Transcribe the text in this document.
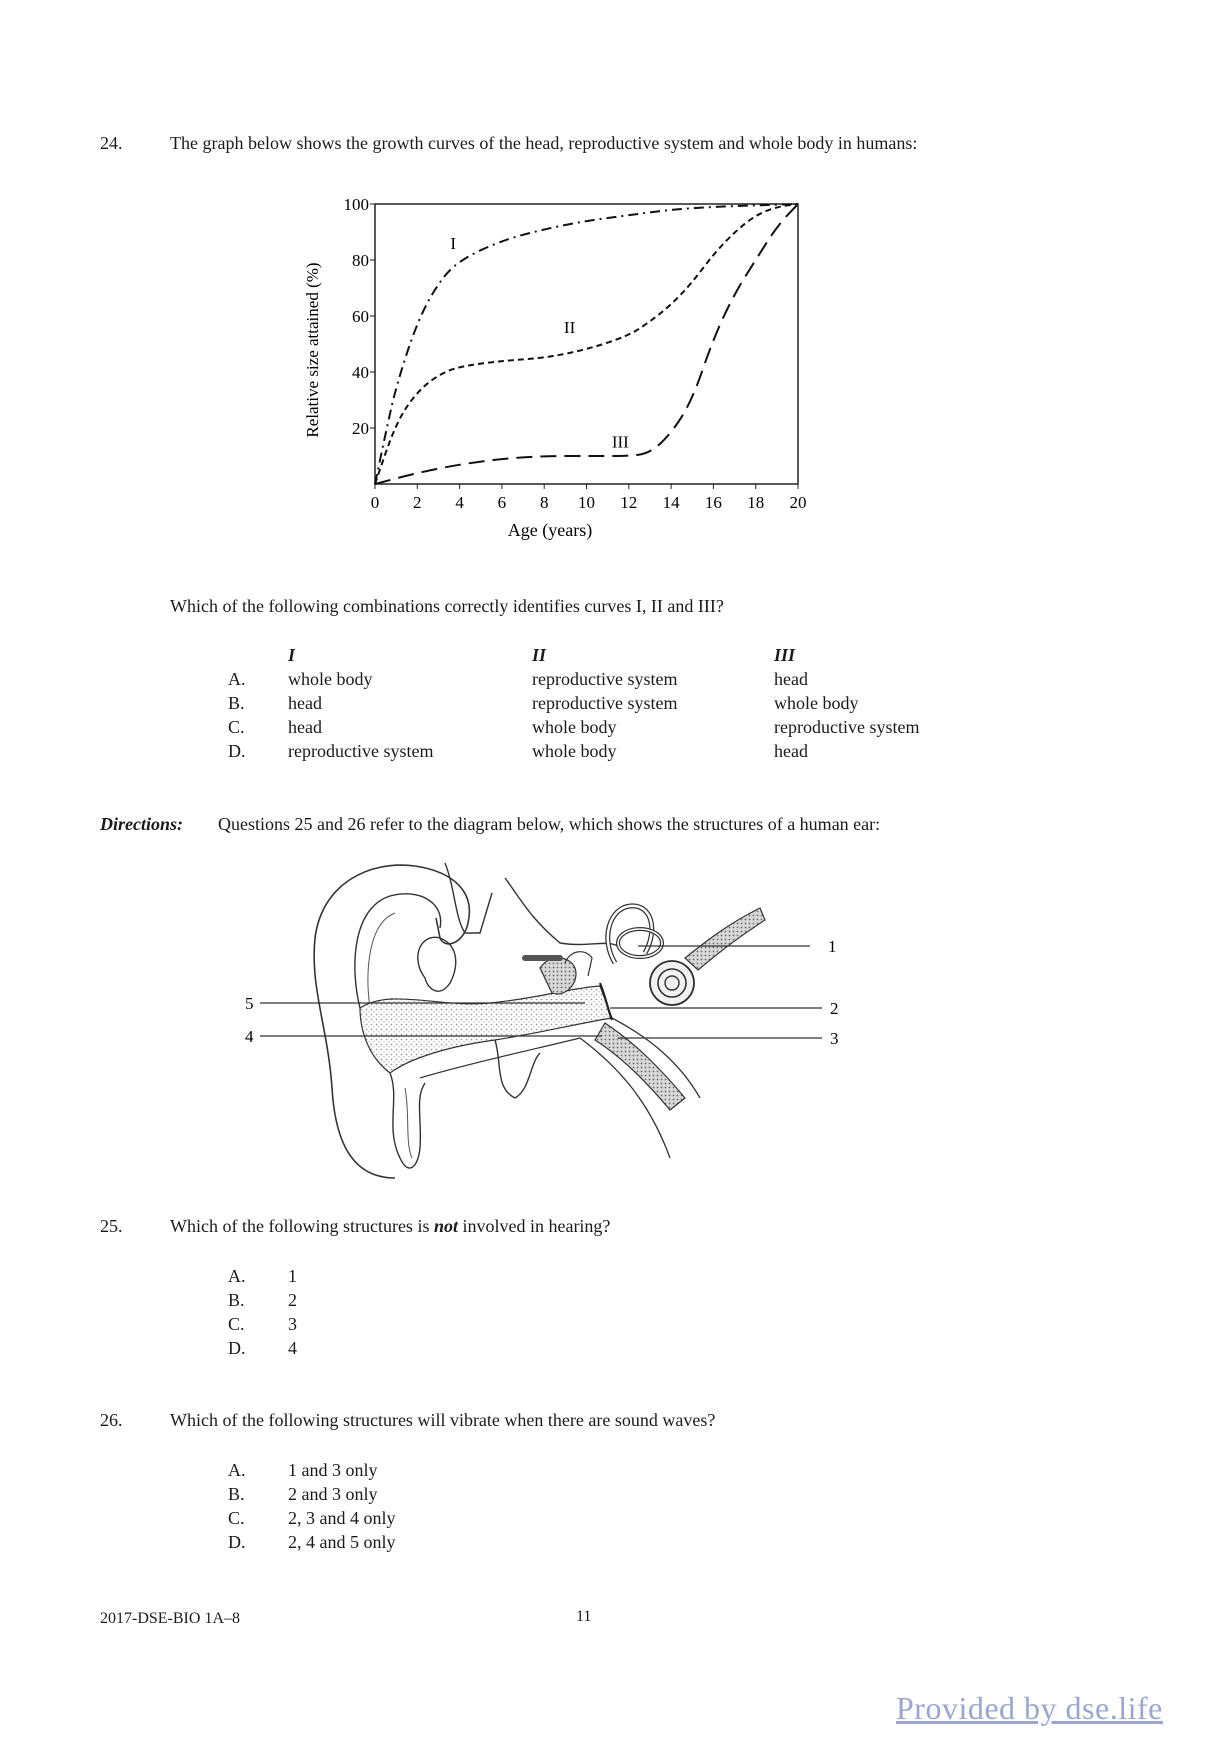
24.	The graph below shows the growth curves of the head, reproductive system and whole body in humans:
0 2 4 6 8 10 12 14 16 18 20
20
40
60
80
100
I
II
III
Relative size attained (%)
Age (years)
Which of the following combinations correctly identifies curves I, II and III?
I	II	III
A. whole body	reproductive system	head
B. head	reproductive system	whole body
C. head	whole body	reproductive system
D. reproductive system	whole body	head
Directions: Questions 25 and 26 refer to the diagram below, which shows the structures of a human ear:
1
2
3
4
5
25.	Which of the following structures is not involved in hearing?
A. 1
B. 2
C. 3
D. 4
26.	Which of the following structures will vibrate when there are sound waves?
A. 1 and 3 only
B. 2 and 3 only
C. 2, 3 and 4 only
D. 2, 4 and 5 only
2017-DSE-BIO 1A–8	11
Provided by dse.life
